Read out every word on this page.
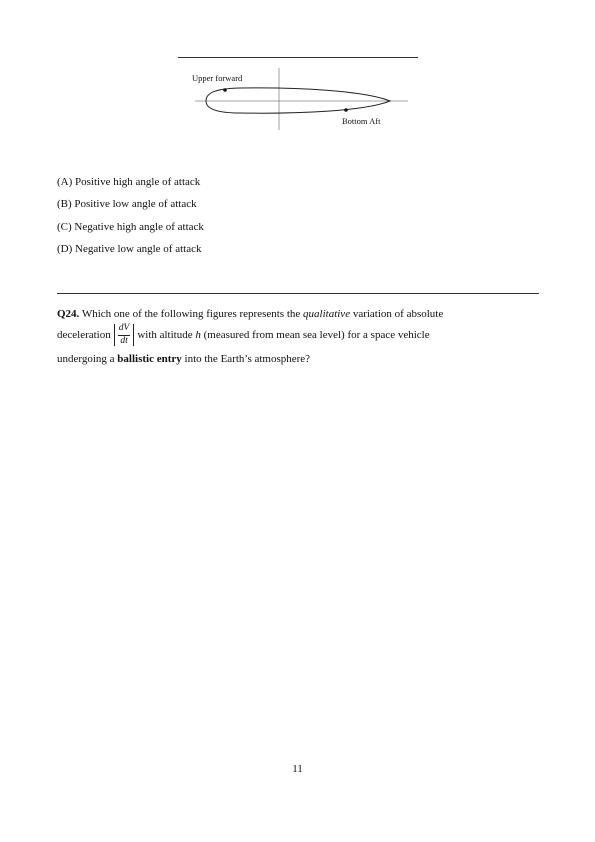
Upper forward
Bottom Aft
(A) Positive high angle of attack
(B) Positive low angle of attack
(C) Negative high angle of attack
(D) Negative low angle of attack
Q24. Which one of the following figures represents the qualitative variation of absolute
deceleration $\frac{dV}{dt}$ with altitude h (measured from mean sea level) for a space vehicle
undergoing a ballistic entry into the Earth’s atmosphere?
11
